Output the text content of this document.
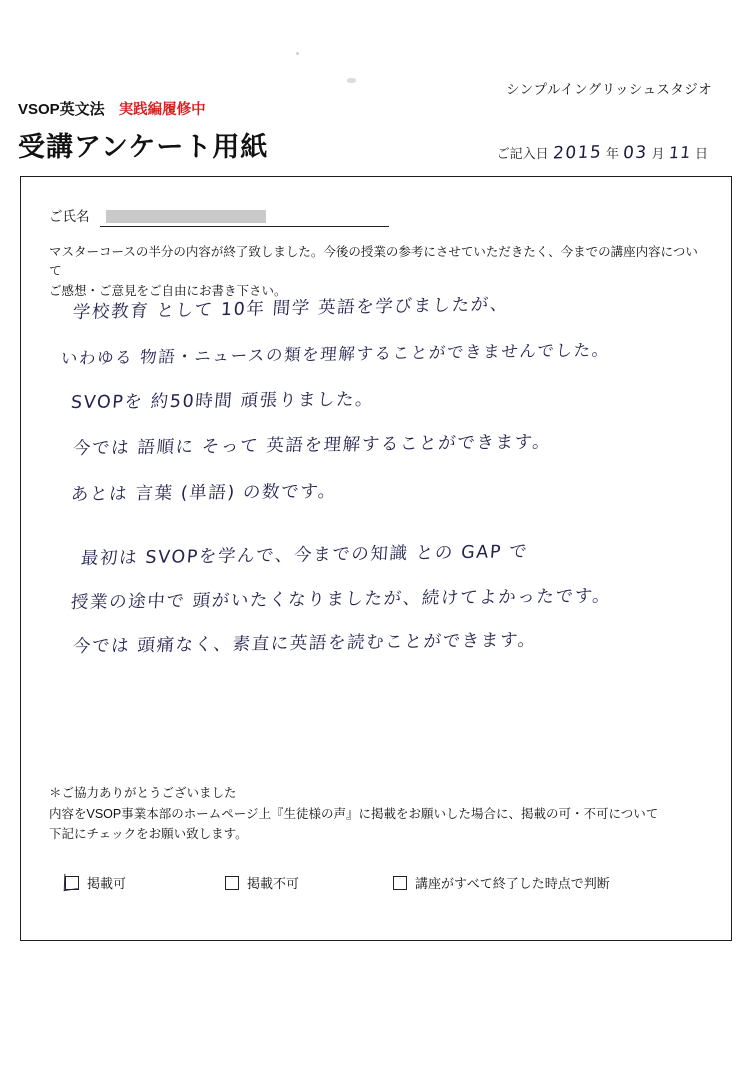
シンプルイングリッシュスタジオ
VSOP英文法 実践編履修中
受講アンケート用紙	ご記入日 2015 年 03 月 11 日
ご氏名
マスターコースの半分の内容が終了致しました。今後の授業の参考にさせていただきたく、今までの講座内容について
ご感想・ご意見をご自由にお書き下さい。
学校教育 として 10年 間学 英語を学びましたが、
いわゆる 物語・ニュースの類を理解することができませんでした。
SVOPを 約50時間 頑張りました。
今では 語順に そって 英語を理解することができます。
あとは 言葉 (単語) の数です。
最初は SVOPを学んで、今までの知識 との GAP で
授業の途中で 頭がいたくなりましたが、続けてよかったです。
今では 頭痛なく、素直に英語を読むことができます。
＊ご協力ありがとうございました
内容をVSOP事業本部のホームページ上『生徒様の声』に掲載をお願いした場合に、掲載の可・不可について
下記にチェックをお願い致します。
掲載可	掲載不可	講座がすべて終了した時点で判断
